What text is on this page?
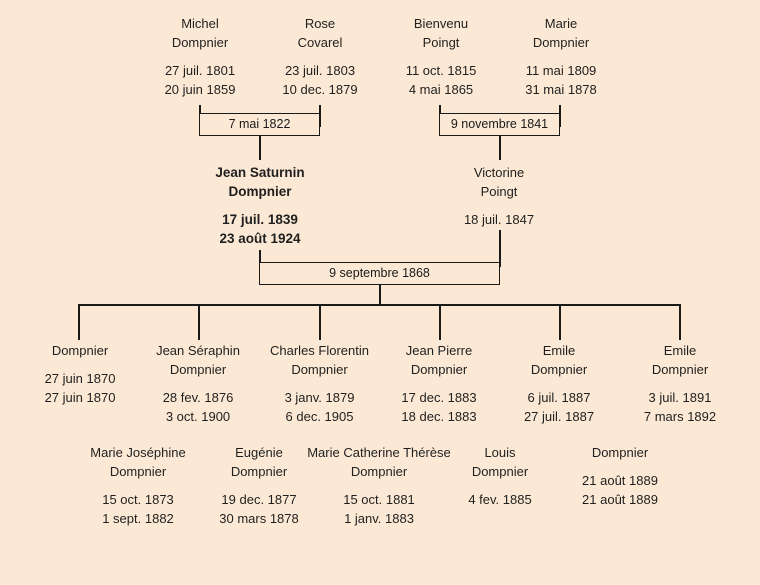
Michel
Dompnier
27 juil. 1801
20 juin 1859
Rose
Covarel
23 juil. 1803
10 dec. 1879
Bienvenu
Poingt
11 oct. 1815
4 mai 1865
Marie
Dompnier
11 mai 1809
31 mai 1878
7 mai 1822	9 novembre 1841
Jean Saturnin
Dompnier
17 juil. 1839
23 août 1924
Victorine
Poingt
18 juil. 1847
9 septembre 1868
Dompnier
27 juin 1870
27 juin 1870
Jean Séraphin
Dompnier
28 fev. 1876
3 oct. 1900
Charles Florentin
Dompnier
3 janv. 1879
6 dec. 1905
Jean Pierre
Dompnier
17 dec. 1883
18 dec. 1883
Emile
Dompnier
6 juil. 1887
27 juil. 1887
Emile
Dompnier
3 juil. 1891
7 mars 1892
Marie Joséphine
Dompnier
15 oct. 1873
1 sept. 1882
Eugénie
Dompnier
19 dec. 1877
30 mars 1878
Marie Catherine Thérèse
Dompnier
15 oct. 1881
1 janv. 1883
Louis
Dompnier
4 fev. 1885
Dompnier
21 août 1889
21 août 1889
